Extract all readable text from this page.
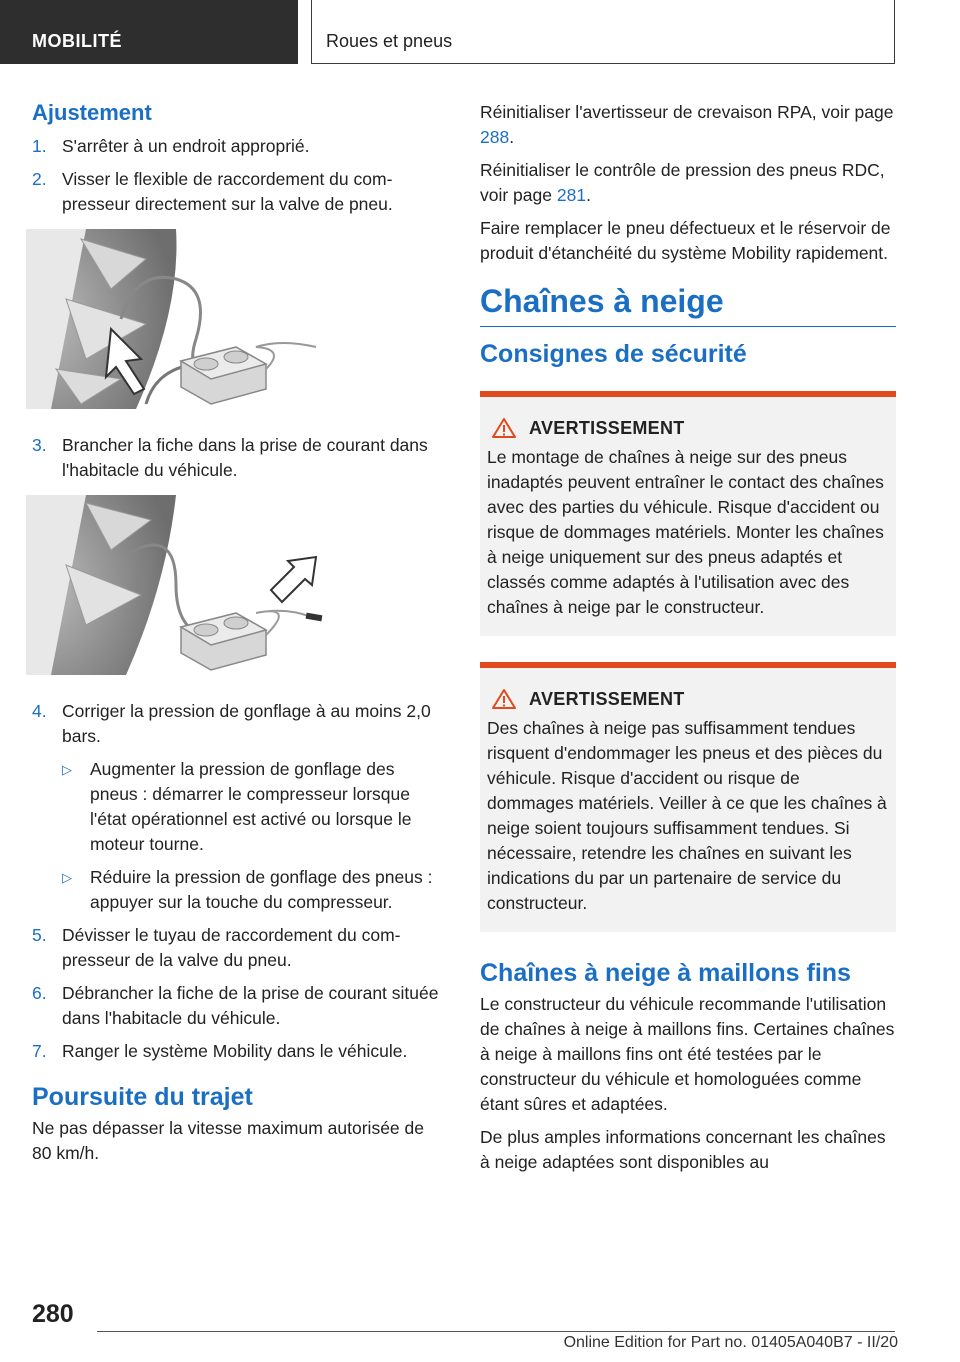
MOBILITÉ	Roues et pneus
Ajustement
1. S'arrêter à un endroit approprié.
2. Visser le flexible de raccordement du compresseur directement sur la valve de pneu.
3. Brancher la fiche dans la prise de courant dans l'habitacle du véhicule.
4. Corriger la pression de gonflage à au moins 2,0 bars.
▷ Augmenter la pression de gonflage des pneus : démarrer le compresseur lorsque l'état opérationnel est activé ou lorsque le moteur tourne.
▷ Réduire la pression de gonflage des pneus : appuyer sur la touche du compresseur.
5. Dévisser le tuyau de raccordement du compresseur de la valve du pneu.
6. Débrancher la fiche de la prise de courant située dans l'habitacle du véhicule.
7. Ranger le système Mobility dans le véhicule.
Poursuite du trajet

Ne pas dépasser la vitesse maximum autorisée de 80 km/h.

Réinitialiser l'avertisseur de crevaison RPA, voir page 288.

Réinitialiser le contrôle de pression des pneus RDC, voir page 281.

Faire remplacer le pneu défectueux et le réservoir de produit d'étanchéité du système Mobility rapidement.

Chaînes à neige
Consignes de sécurité
AVERTISSEMENT

Le montage de chaînes à neige sur des pneus inadaptés peuvent entraîner le contact des chaînes avec des parties du véhicule. Risque d'accident ou risque de dommages matériels. Monter les chaînes à neige uniquement sur des pneus adaptés et classés comme adaptés à l'utilisation avec des chaînes à neige par le constructeur.

AVERTISSEMENT

Des chaînes à neige pas suffisamment tendues risquent d'endommager les pneus et des pièces du véhicule. Risque d'accident ou risque de dommages matériels. Veiller à ce que les chaînes à neige soient toujours suffisamment tendues. Si nécessaire, retendre les chaînes en suivant les indications du par un partenaire de service du constructeur.

Chaînes à neige à maillons fins

Le constructeur du véhicule recommande l'utilisation de chaînes à neige à maillons fins. Certaines chaînes à neige à maillons fins ont été testées par le constructeur du véhicule et homologuées comme étant sûres et adaptées.

De plus amples informations concernant les chaînes à neige adaptées sont disponibles au

280
Online Edition for Part no. 01405A040B7 - II/20
